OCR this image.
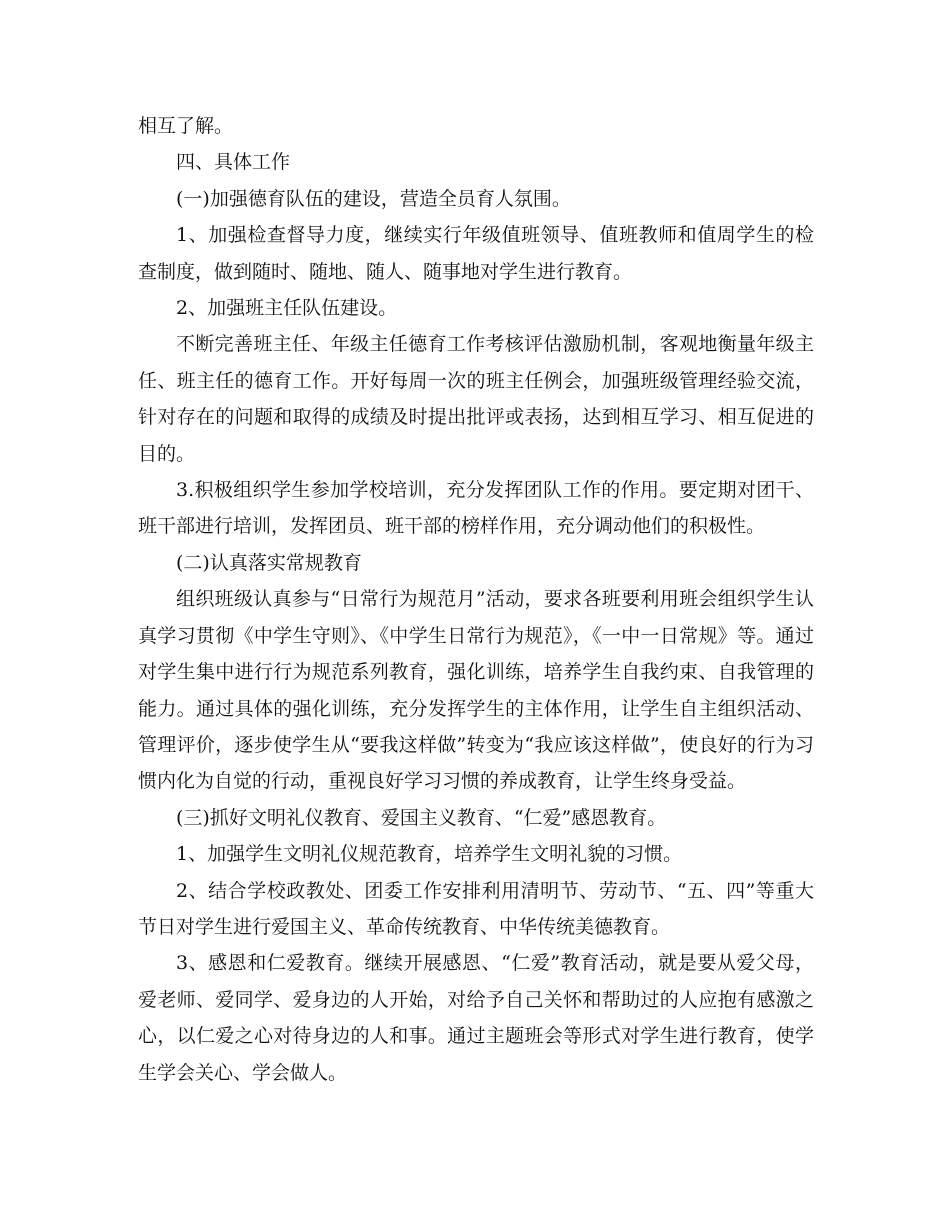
相互了解。

四、具体工作

(一)加强德育队伍的建设，营造全员育人氛围。

1、加强检查督导力度，继续实行年级值班领导、值班教师和值周学生的检查制度，做到随时、随地、随人、随事地对学生进行教育。

2、加强班主任队伍建设。

不断完善班主任、年级主任德育工作考核评估激励机制，客观地衡量年级主任、班主任的德育工作。开好每周一次的班主任例会，加强班级管理经验交流，针对存在的问题和取得的成绩及时提出批评或表扬，达到相互学习、相互促进的目的。

3.积极组织学生参加学校培训，充分发挥团队工作的作用。要定期对团干、班干部进行培训，发挥团员、班干部的榜样作用，充分调动他们的积极性。

(二)认真落实常规教育

组织班级认真参与“日常行为规范月”活动，要求各班要利用班会组织学生认真学习贯彻《中学生守则》、《中学生日常行为规范》，《一中一日常规》等。通过对学生集中进行行为规范系列教育，强化训练，培养学生自我约束、自我管理的能力。通过具体的强化训练，充分发挥学生的主体作用，让学生自主组织活动、管理评价，逐步使学生从“要我这样做”转变为“我应该这样做”，使良好的行为习惯内化为自觉的行动，重视良好学习习惯的养成教育，让学生终身受益。

(三)抓好文明礼仪教育、爱国主义教育、“仁爱”感恩教育。

1、加强学生文明礼仪规范教育，培养学生文明礼貌的习惯。

2、结合学校政教处、团委工作安排利用清明节、劳动节、“五、四”等重大节日对学生进行爱国主义、革命传统教育、中华传统美德教育。

3、感恩和仁爱教育。继续开展感恩、“仁爱”教育活动，就是要从爱父母，爱老师、爱同学、爱身边的人开始，对给予自己关怀和帮助过的人应抱有感激之心，以仁爱之心对待身边的人和事。通过主题班会等形式对学生进行教育，使学生学会关心、学会做人。
